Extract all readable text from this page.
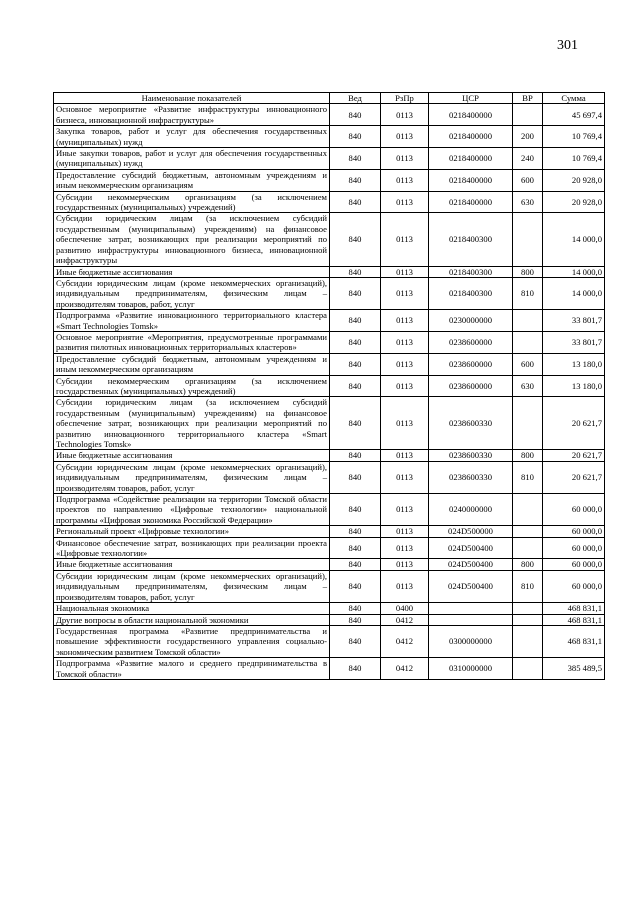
301
Наименование показателей	Вед	РзПр	ЦСР	ВР	Сумма
Основное мероприятие «Развитие инфраструктуры инновационного бизнеса, инновационной инфраструктуры»	840	0113	0218400000		45 697,4
Закупка товаров, работ и услуг для обеспечения государственных (муниципальных) нужд	840	0113	0218400000	200	10 769,4
Иные закупки товаров, работ и услуг для обеспечения государственных (муниципальных) нужд	840	0113	0218400000	240	10 769,4
Предоставление субсидий бюджетным, автономным учреждениям и иным некоммерческим организациям	840	0113	0218400000	600	20 928,0
Субсидии некоммерческим организациям (за исключением государственных (муниципальных) учреждений)	840	0113	0218400000	630	20 928,0
Субсидии юридическим лицам (за исключением субсидий государственным (муниципальным) учреждениям) на финансовое обеспечение затрат, возникающих при реализации мероприятий по развитию инфраструктуры инновационного бизнеса, инновационной инфраструктуры	840	0113	0218400300		14 000,0
Иные бюджетные ассигнования	840	0113	0218400300	800	14 000,0
Субсидии юридическим лицам (кроме некоммерческих организаций), индивидуальным предпринимателям, физическим лицам – производителям товаров, работ, услуг	840	0113	0218400300	810	14 000,0
Подпрограмма «Развитие инновационного территориального кластера «Smart Technologies Tomsk»	840	0113	0230000000		33 801,7
Основное мероприятие «Мероприятия, предусмотренные программами развития пилотных инновационных территориальных кластеров»	840	0113	0238600000		33 801,7
Предоставление субсидий бюджетным, автономным учреждениям и иным некоммерческим организациям	840	0113	0238600000	600	13 180,0
Субсидии некоммерческим организациям (за исключением государственных (муниципальных) учреждений)	840	0113	0238600000	630	13 180,0
Субсидии юридическим лицам (за исключением субсидий государственным (муниципальным) учреждениям) на финансовое обеспечение затрат, возникающих при реализации мероприятий по развитию инновационного территориального кластера «Smart Technologies Tomsk»	840	0113	0238600330		20 621,7
Иные бюджетные ассигнования	840	0113	0238600330	800	20 621,7
Субсидии юридическим лицам (кроме некоммерческих организаций), индивидуальным предпринимателям, физическим лицам – производителям товаров, работ, услуг	840	0113	0238600330	810	20 621,7
Подпрограмма «Содействие реализации на территории Томской области проектов по направлению «Цифровые технологии» национальной программы «Цифровая экономика Российской Федерации»	840	0113	0240000000		60 000,0
Региональный проект «Цифровые технологии»	840	0113	024D500000		60 000,0
Финансовое обеспечение затрат, возникающих при реализации проекта «Цифровые технологии»	840	0113	024D500400		60 000,0
Иные бюджетные ассигнования	840	0113	024D500400	800	60 000,0
Субсидии юридическим лицам (кроме некоммерческих организаций), индивидуальным предпринимателям, физическим лицам – производителям товаров, работ, услуг	840	0113	024D500400	810	60 000,0
Национальная экономика	840	0400			468 831,1
Другие вопросы в области национальной экономики	840	0412			468 831,1
Государственная программа «Развитие предпринимательства и повышение эффективности государственного управления социально-экономическим развитием Томской области»	840	0412	0300000000		468 831,1
Подпрограмма «Развитие малого и среднего предпринимательства в Томской области»	840	0412	0310000000		385 489,5
